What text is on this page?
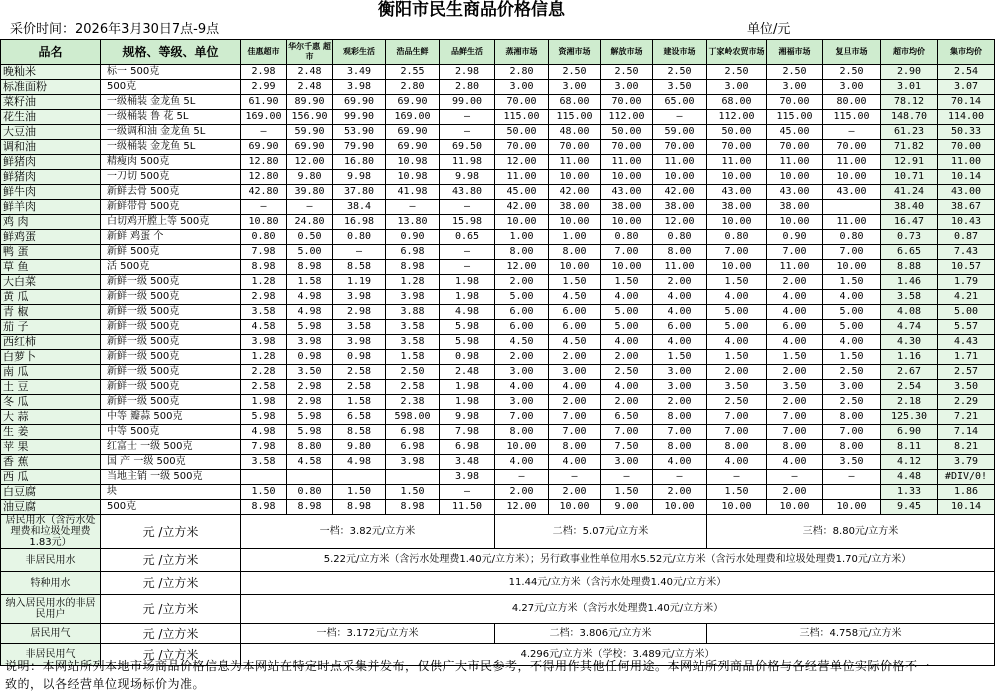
衡阳市民生商品价格信息
采价时间：2026年3月30日7点-9点	单位/元
品名	规格、等级、单位	佳惠超市	华尔千惠 超 市	观彩生活	浩品生鲜	品鲜生活	蒸湘市场	资湘市场	解放市场	建设市场	丁家岭农贸市场	湘福市场	复旦市场	超市均价	集市均价
晚籼米	标一 500克	2.98	2.48	3.49	2.55	2.98	2.80	2.50	2.50	2.50	2.50	2.50	2.50	2.90	2.54
标准面粉	500克	2.99	2.48	3.98	2.80	2.80	3.00	3.00	3.00	3.50	3.00	3.00	3.00	3.01	3.07
菜籽油	一级桶装 金龙鱼 5L	61.90	89.90	69.90	69.90	99.00	70.00	68.00	70.00	65.00	68.00	70.00	80.00	78.12	70.14
花生油	一级桶装 鲁 花 5L	169.00	156.90	99.90	169.00	—	115.00	115.00	112.00	—	112.00	115.00	115.00	148.70	114.00
大豆油	一级调和油 金龙鱼 5L	—	59.90	53.90	69.90	—	50.00	48.00	50.00	59.00	50.00	45.00	—	61.23	50.33
调和油	一级桶装 金龙鱼 5L	69.90	69.90	79.90	69.90	69.50	70.00	70.00	70.00	70.00	70.00	70.00	70.00	71.82	70.00
鲜猪肉	精瘦肉 500克	12.80	12.00	16.80	10.98	11.98	12.00	11.00	11.00	11.00	11.00	11.00	11.00	12.91	11.00
鲜猪肉	一刀切 500克	12.80	9.80	9.98	10.98	9.98	11.00	10.00	10.00	10.00	10.00	10.00	10.00	10.71	10.14
鲜牛肉	新鲜去骨 500克	42.80	39.80	37.80	41.98	43.80	45.00	42.00	43.00	42.00	43.00	43.00	43.00	41.24	43.00
鲜羊肉	新鲜带骨 500克	—	—	38.4	—	—	42.00	38.00	38.00	38.00	38.00	38.00		38.40	38.67
鸡 肉	白切鸡开膛上等 500克	10.80	24.80	16.98	13.80	15.98	10.00	10.00	10.00	12.00	10.00	10.00	11.00	16.47	10.43
鲜鸡蛋	新鲜 鸡蛋 个	0.80	0.50	0.80	0.90	0.65	1.00	1.00	0.80	0.80	0.80	0.90	0.80	0.73	0.87
鸭 蛋	新鲜 500克	7.98	5.00	—	6.98	—	8.00	8.00	7.00	8.00	7.00	7.00	7.00	6.65	7.43
草 鱼	活 500克	8.98	8.98	8.58	8.98	—	12.00	10.00	10.00	11.00	10.00	11.00	10.00	8.88	10.57
大白菜	新鲜一级 500克	1.28	1.58	1.19	1.28	1.98	2.00	1.50	1.50	2.00	1.50	2.00	1.50	1.46	1.79
黄 瓜	新鲜一级 500克	2.98	4.98	3.98	3.98	1.98	5.00	4.50	4.00	4.00	4.00	4.00	4.00	3.58	4.21
青 椒	新鲜一级 500克	3.58	4.98	2.98	3.88	4.98	6.00	6.00	5.00	4.00	5.00	4.00	5.00	4.08	5.00
茄 子	新鲜一级 500克	4.58	5.98	3.58	3.58	5.98	6.00	6.00	5.00	6.00	5.00	6.00	5.00	4.74	5.57
西红柿	新鲜一级 500克	3.98	3.98	3.98	3.58	5.98	4.50	4.50	4.00	4.00	4.00	4.00	4.00	4.30	4.43
白萝卜	新鲜一级 500克	1.28	0.98	0.98	1.58	0.98	2.00	2.00	2.00	1.50	1.50	1.50	1.50	1.16	1.71
南 瓜	新鲜一级 500克	2.28	3.50	2.58	2.50	2.48	3.00	3.00	2.50	3.00	2.00	2.00	2.50	2.67	2.57
土 豆	新鲜一级 500克	2.58	2.98	2.58	2.58	1.98	4.00	4.00	4.00	3.00	3.50	3.50	3.00	2.54	3.50
冬 瓜	新鲜一级 500克	1.98	2.98	1.58	2.38	1.98	3.00	2.00	2.00	2.00	2.50	2.00	2.50	2.18	2.29
大 蒜	中等 瓣蒜 500克	5.98	5.98	6.58	598.00	9.98	7.00	7.00	6.50	8.00	7.00	7.00	8.00	125.30	7.21
生 姜	中等 500克	4.98	5.98	8.58	6.98	7.98	8.00	7.00	7.00	7.00	7.00	7.00	7.00	6.90	7.14
苹 果	红富士 一级 500克	7.98	8.80	9.80	6.98	6.98	10.00	8.00	7.50	8.00	8.00	8.00	8.00	8.11	8.21
香 蕉	国 产 一级 500克	3.58	4.58	4.98	3.98	3.48	4.00	4.00	3.00	4.00	4.00	4.00	3.50	4.12	3.79
西 瓜	当地主销 一级 500克					3.98	—	—	—	—	—	—	—	4.48	#DIV/0!
白豆腐	块	1.50	0.80	1.50	1.50	—	2.00	2.00	1.50	2.00	1.50	2.00		1.33	1.86
油豆腐	500克	8.98	8.98	8.98	8.98	11.50	12.00	10.00	9.00	10.00	10.00	10.00	10.00	9.45	10.14
居民用水（含污水处理费和垃圾处理费1.83元）	元 /立方米	一档：3.82元/立方米					二档：5.07元/立方米				三档：8.80元/立方米				
非居民用水	元 /立方米	5.22元/立方米（含污水处理费1.40元/立方米）；另行政事业性单位用水5.52元/立方米（含污水处理费和垃圾处理费1.70元/立方米）													
特种用水	元 /立方米	11.44元/立方米（含污水处理费1.40元/立方米）													
纳入居民用水的非居民用户	元 /立方米	4.27元/立方米（含污水处理费1.40元/立方米）													
居民用气	元 /立方米	一档：3.172元/立方米					二档：3.806元/立方米				三档：4.758元/立方米				
非居民用气	元 /立方米	4.296元/立方米（学校：3.489元/立方米）													
说明：本网站所列本地市场商品价格信息为本网站在特定时点采集并发布，仅供广大市民参考，不得用作其他任何用途。本网站所列商品价格与各经营单位实际价格不一致的，以各经营单位现场标价为准。
